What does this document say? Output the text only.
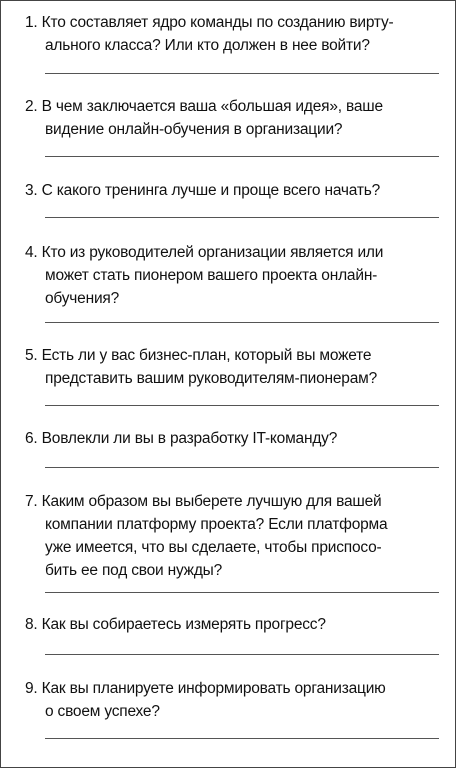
1. Кто составляет ядро команды по созданию вирту-
ального класса? Или кто должен в нее войти?
2. В чем заключается ваша «большая идея», ваше
видение онлайн-обучения в организации?
3. С какого тренинга лучше и проще всего начать?
4. Кто из руководителей организации является или
может стать пионером вашего проекта онлайн-
обучения?
5. Есть ли у вас бизнес-план, который вы можете
представить вашим руководителям-пионерам?
6. Вовлекли ли вы в разработку IT-команду?
7. Каким образом вы выберете лучшую для вашей
компании платформу проекта? Если платформа
уже имеется, что вы сделаете, чтобы приспосо-
бить ее под свои нужды?
8. Как вы собираетесь измерять прогресс?
9. Как вы планируете информировать организацию
о своем успехе?
